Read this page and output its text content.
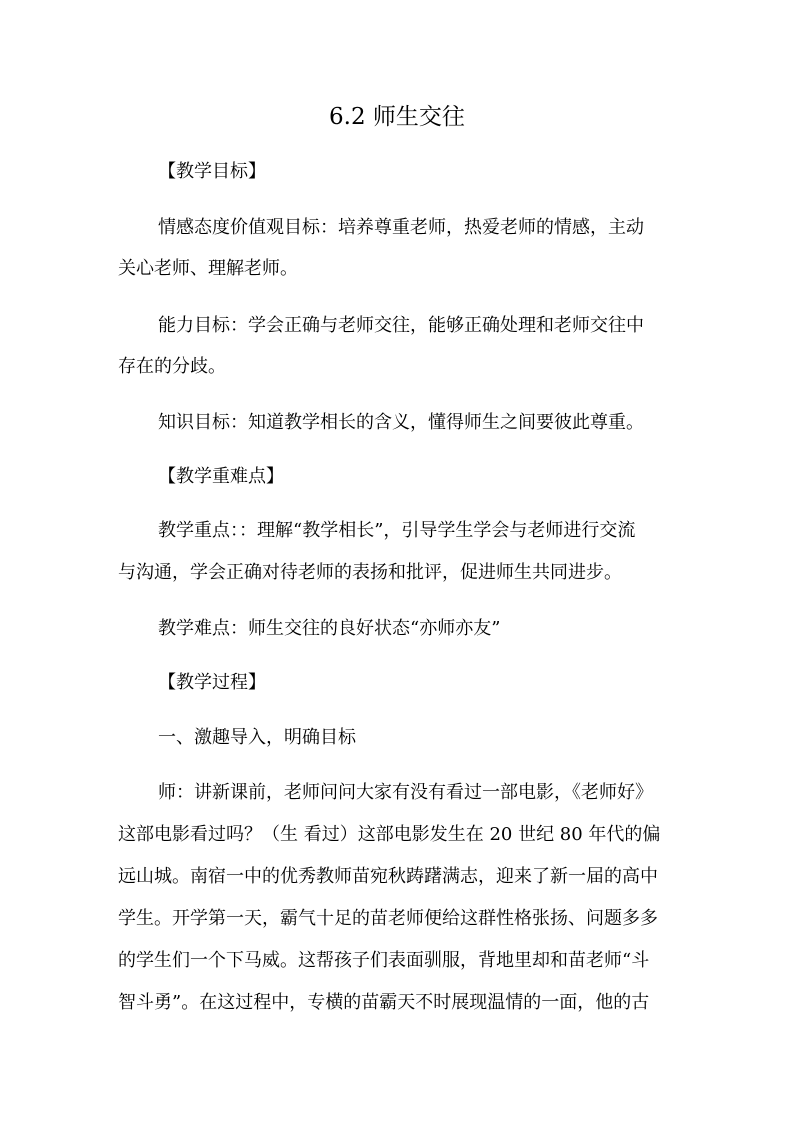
6.2 师生交往
【教学目标】
情感态度价值观目标：培养尊重老师，热爱老师的情感，主动
关心老师、理解老师。
能力目标：学会正确与老师交往，能够正确处理和老师交往中
存在的分歧。
知识目标：知道教学相长的含义，懂得师生之间要彼此尊重。
【教学重难点】
教学重点：：理解“教学相长”，引导学生学会与老师进行交流
与沟通，学会正确对待老师的表扬和批评，促进师生共同进步。
教学难点：师生交往的良好状态“亦师亦友”
【教学过程】
一、激趣导入，明确目标
师：讲新课前，老师问问大家有没有看过一部电影，《老师好》
这部电影看过吗？（生 看过）这部电影发生在 20 世纪 80 年代的偏
远山城。南宿一中的优秀教师苗宛秋踌躇满志，迎来了新一届的高中
学生。开学第一天，霸气十足的苗老师便给这群性格张扬、问题多多
的学生们一个下马威。这帮孩子们表面驯服，背地里却和苗老师“斗
智斗勇”。在这过程中，专横的苗霸天不时展现温情的一面，他的古
